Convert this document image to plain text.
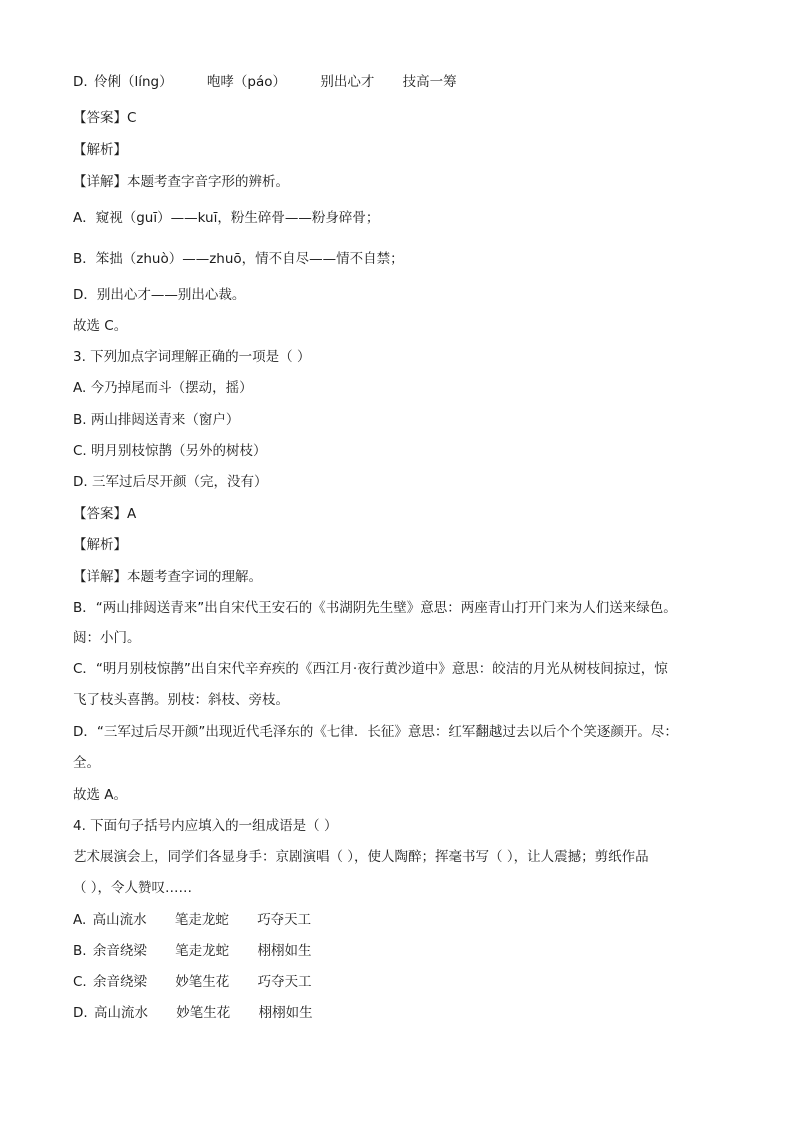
D. 伶俐（líng）	咆哮（páo）	别出心才 技高一筹
【答案】C
【解析】
【详解】本题考查字音字形的辨析。
A．窥视（guī）——kuī，粉生碎骨——粉身碎骨；
B．笨拙（zhuò）——zhuō，情不自尽——情不自禁；
D．别出心才——别出心裁。
故选 C。
3. 下列加点字词理解正确的一项是（ ）
A. 今乃掉尾而斗（摆动，摇）
B. 两山排闼送青来（窗户）
C. 明月别枝惊鹊（另外的树枝）
D. 三军过后尽开颜（完，没有）
【答案】A
【解析】
【详解】本题考查字词的理解。
B．“两山排闼送青来”出自宋代王安石的《书湖阴先生壁》意思：两座青山打开门来为人们送来绿色。
闼：小门。
C．“明月别枝惊鹊”出自宋代辛弃疾的《西江月·夜行黄沙道中》意思：皎洁的月光从树枝间掠过，惊
飞了枝头喜鹊。别枝：斜枝、旁枝。
D．“三军过后尽开颜”出现近代毛泽东的《七律．长征》意思：红军翻越过去以后个个笑逐颜开。尽：
全。
故选 A。
4. 下面句子括号内应填入的一组成语是（ ）
艺术展演会上，同学们各显身手：京剧演唱（ ），使人陶醉；挥毫书写（ ），让人震撼；剪纸作品
（ ），令人赞叹……
A. 高山流水 笔走龙蛇 巧夺天工
B. 余音绕梁 笔走龙蛇 栩栩如生
C. 余音绕梁 妙笔生花 巧夺天工
D. 高山流水 妙笔生花 栩栩如生
